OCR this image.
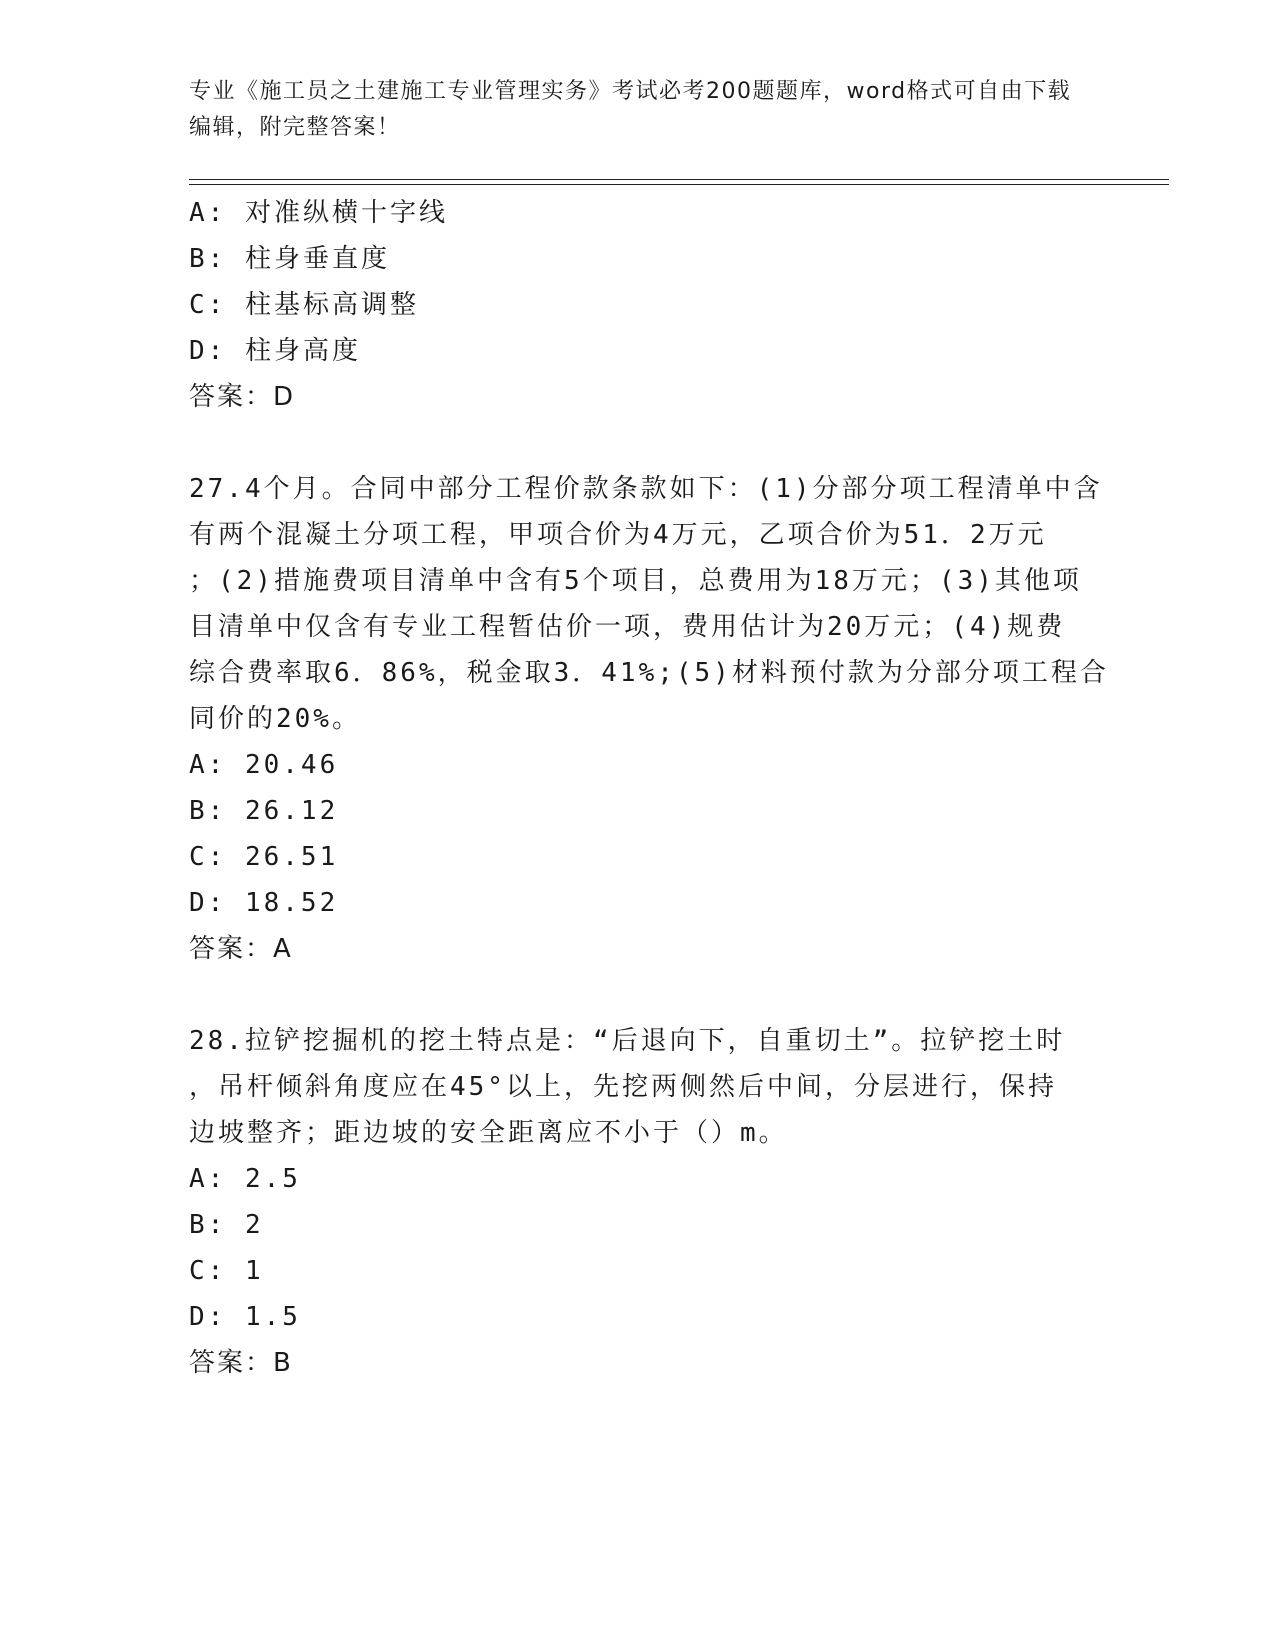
专业《施工员之土建施工专业管理实务》考试必考200题题库，word格式可自由下载编辑，附完整答案！
A: 对准纵横十字线
B: 柱身垂直度
C: 柱基标高调整
D: 柱身高度
答案：D
27.4个月。合同中部分工程价款条款如下：(1)分部分项工程清单中含
有两个混凝土分项工程，甲项合价为4万元，乙项合价为51．2万元
；(2)措施费项目清单中含有5个项目，总费用为18万元；(3)其他项
目清单中仅含有专业工程暂估价一项，费用估计为20万元；(4)规费
综合费率取6．86%，税金取3．41%;(5)材料预付款为分部分项工程合
同价的20%。
A: 20.46
B: 26.12
C: 26.51
D: 18.52
答案：A
28.拉铲挖掘机的挖土特点是：“后退向下，自重切土”。拉铲挖土时
，吊杆倾斜角度应在45°以上，先挖两侧然后中间，分层进行，保持
边坡整齐；距边坡的安全距离应不小于（）m。
A: 2.5
B: 2
C: 1
D: 1.5
答案：B
